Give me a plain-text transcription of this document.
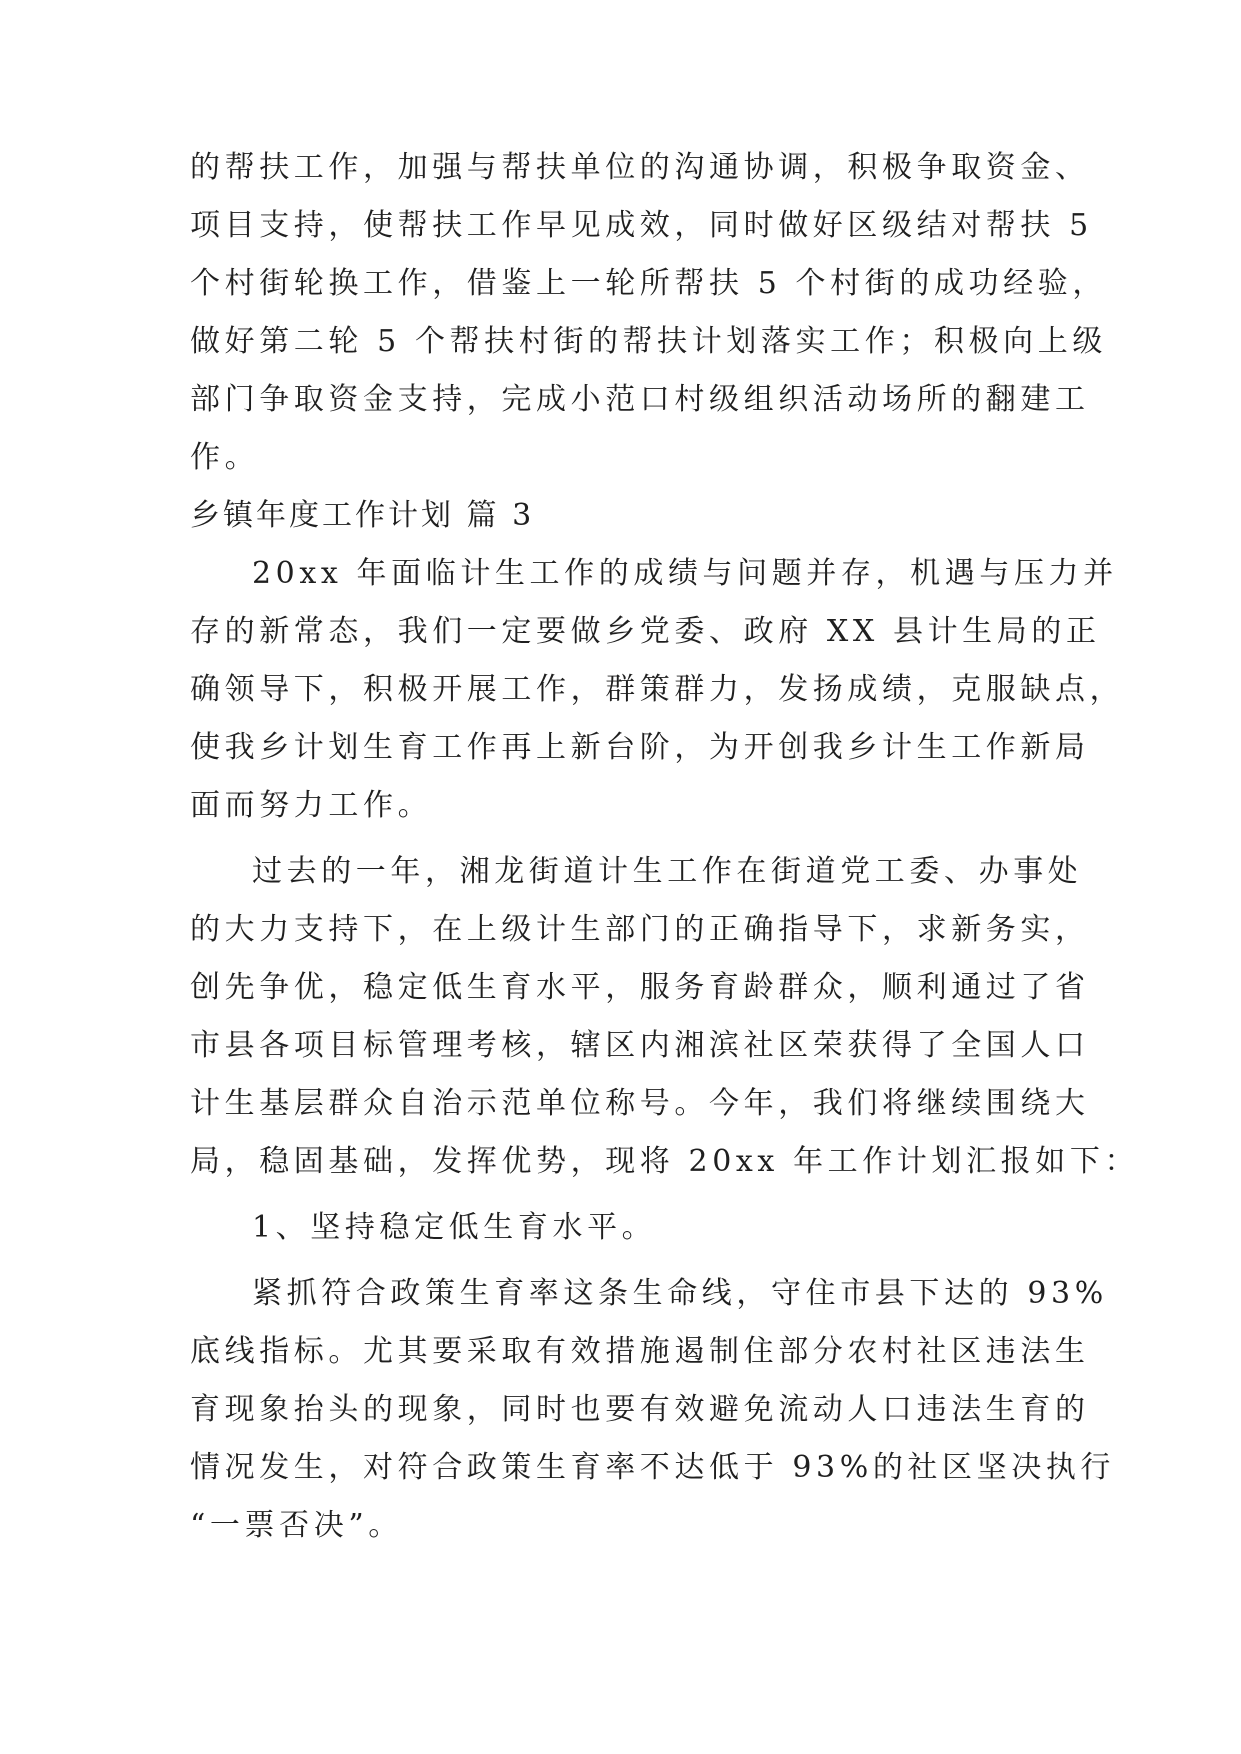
的帮扶工作，加强与帮扶单位的沟通协调，积极争取资金、
项目支持，使帮扶工作早见成效，同时做好区级结对帮扶 5
个村街轮换工作，借鉴上一轮所帮扶 5 个村街的成功经验，
做好第二轮 5 个帮扶村街的帮扶计划落实工作；积极向上级
部门争取资金支持，完成小范口村级组织活动场所的翻建工
作。
乡镇年度工作计划 篇 3
20xx 年面临计生工作的成绩与问题并存，机遇与压力并
存的新常态，我们一定要做乡党委、政府 XX 县计生局的正
确领导下，积极开展工作，群策群力，发扬成绩，克服缺点，
使我乡计划生育工作再上新台阶，为开创我乡计生工作新局
面而努力工作。
过去的一年，湘龙街道计生工作在街道党工委、办事处
的大力支持下，在上级计生部门的正确指导下，求新务实，
创先争优，稳定低生育水平，服务育龄群众，顺利通过了省
市县各项目标管理考核，辖区内湘滨社区荣获得了全国人口
计生基层群众自治示范单位称号。今年，我们将继续围绕大
局，稳固基础，发挥优势，现将 20xx 年工作计划汇报如下：
1、坚持稳定低生育水平。
紧抓符合政策生育率这条生命线，守住市县下达的 93%
底线指标。尤其要采取有效措施遏制住部分农村社区违法生
育现象抬头的现象，同时也要有效避免流动人口违法生育的
情况发生，对符合政策生育率不达低于 93%的社区坚决执行
“一票否决”。
